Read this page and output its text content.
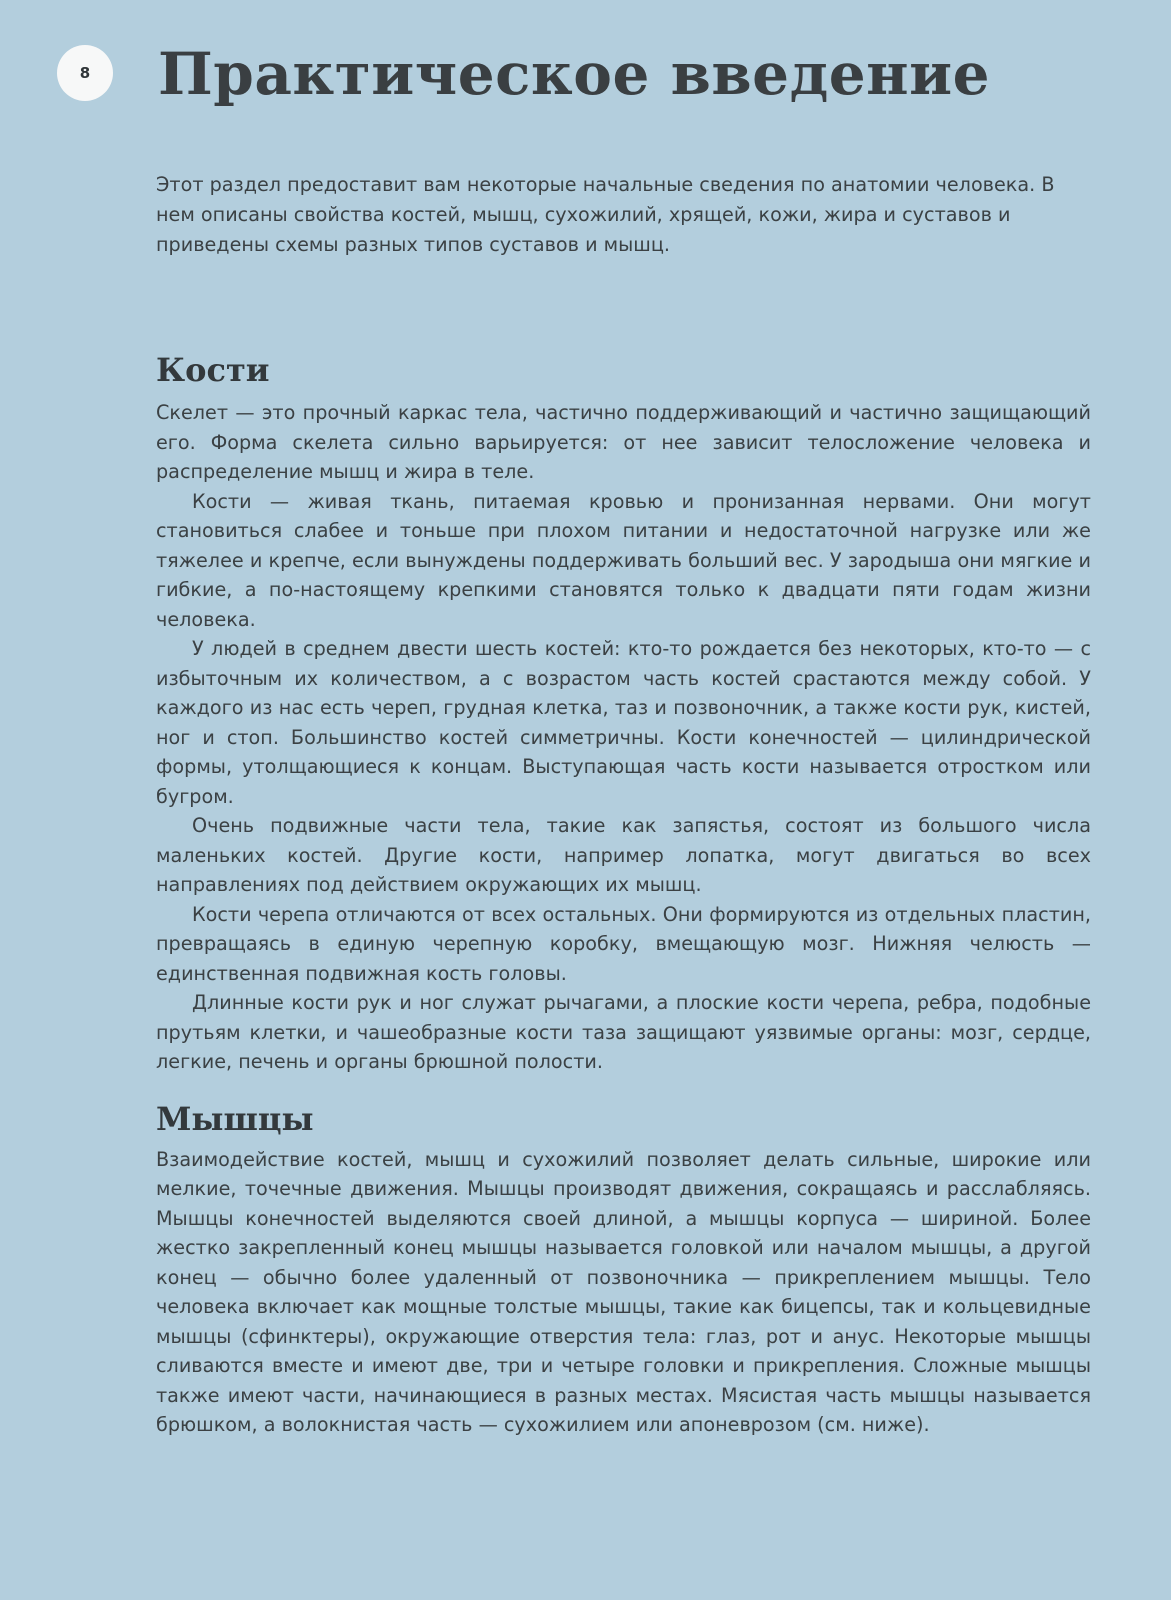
8 Практическое введение

Этот раздел предоставит вам некоторые начальные сведения по анатомии человека. В нем описаны свойства костей, мышц, сухожилий, хрящей, кожи, жира и суставов и приведены схемы разных типов суставов и мышц.

Кости

Скелет — это прочный каркас тела, частично поддерживающий и частично защищающий его. Форма скелета сильно варьируется: от нее зависит телосложение человека и распределение мышц и жира в теле.

Кости — живая ткань, питаемая кровью и пронизанная нервами. Они могут становиться слабее и тоньше при плохом питании и недостаточной нагрузке или же тяжелее и крепче, если вынуждены поддерживать больший вес. У зародыша они мягкие и гибкие, а по-настоящему крепкими становятся только к двадцати пяти годам жизни человека.

У людей в среднем двести шесть костей: кто-то рождается без некоторых, кто-то — с избыточным их количеством, а с возрастом часть костей срастаются между собой. У каждого из нас есть череп, грудная клетка, таз и позвоночник, а также кости рук, кистей, ног и стоп. Большинство костей симметричны. Кости конечностей — цилиндрической формы, утолщающиеся к концам. Выступающая часть кости называется отростком или бугром.

Очень подвижные части тела, такие как запястья, состоят из большого числа маленьких костей. Другие кости, например лопатка, могут двигаться во всех направлениях под действием окружающих их мышц.

Кости черепа отличаются от всех остальных. Они формируются из отдельных пластин, превращаясь в единую черепную коробку, вмещающую мозг. Нижняя челюсть — единственная подвижная кость головы.

Длинные кости рук и ног служат рычагами, а плоские кости черепа, ребра, подобные прутьям клетки, и чашеобразные кости таза защищают уязвимые органы: мозг, сердце, легкие, печень и органы брюшной полости.

Мышцы

Взаимодействие костей, мышц и сухожилий позволяет делать сильные, широкие или мелкие, точечные движения. Мышцы производят движения, сокращаясь и расслабляясь. Мышцы конечностей выделяются своей длиной, а мышцы корпуса — шириной. Более жестко закрепленный конец мышцы называется головкой или началом мышцы, а другой конец — обычно более удаленный от позвоночника — прикреплением мышцы. Тело человека включает как мощные толстые мышцы, такие как бицепсы, так и кольцевидные мышцы (сфинктеры), окружающие отверстия тела: глаз, рот и анус. Некоторые мышцы сливаются вместе и имеют две, три и четыре головки и прикрепления. Сложные мышцы также имеют части, начинающиеся в разных местах. Мясистая часть мышцы называется брюшком, а волокнистая часть — сухожилием или апоневрозом (см. ниже).
